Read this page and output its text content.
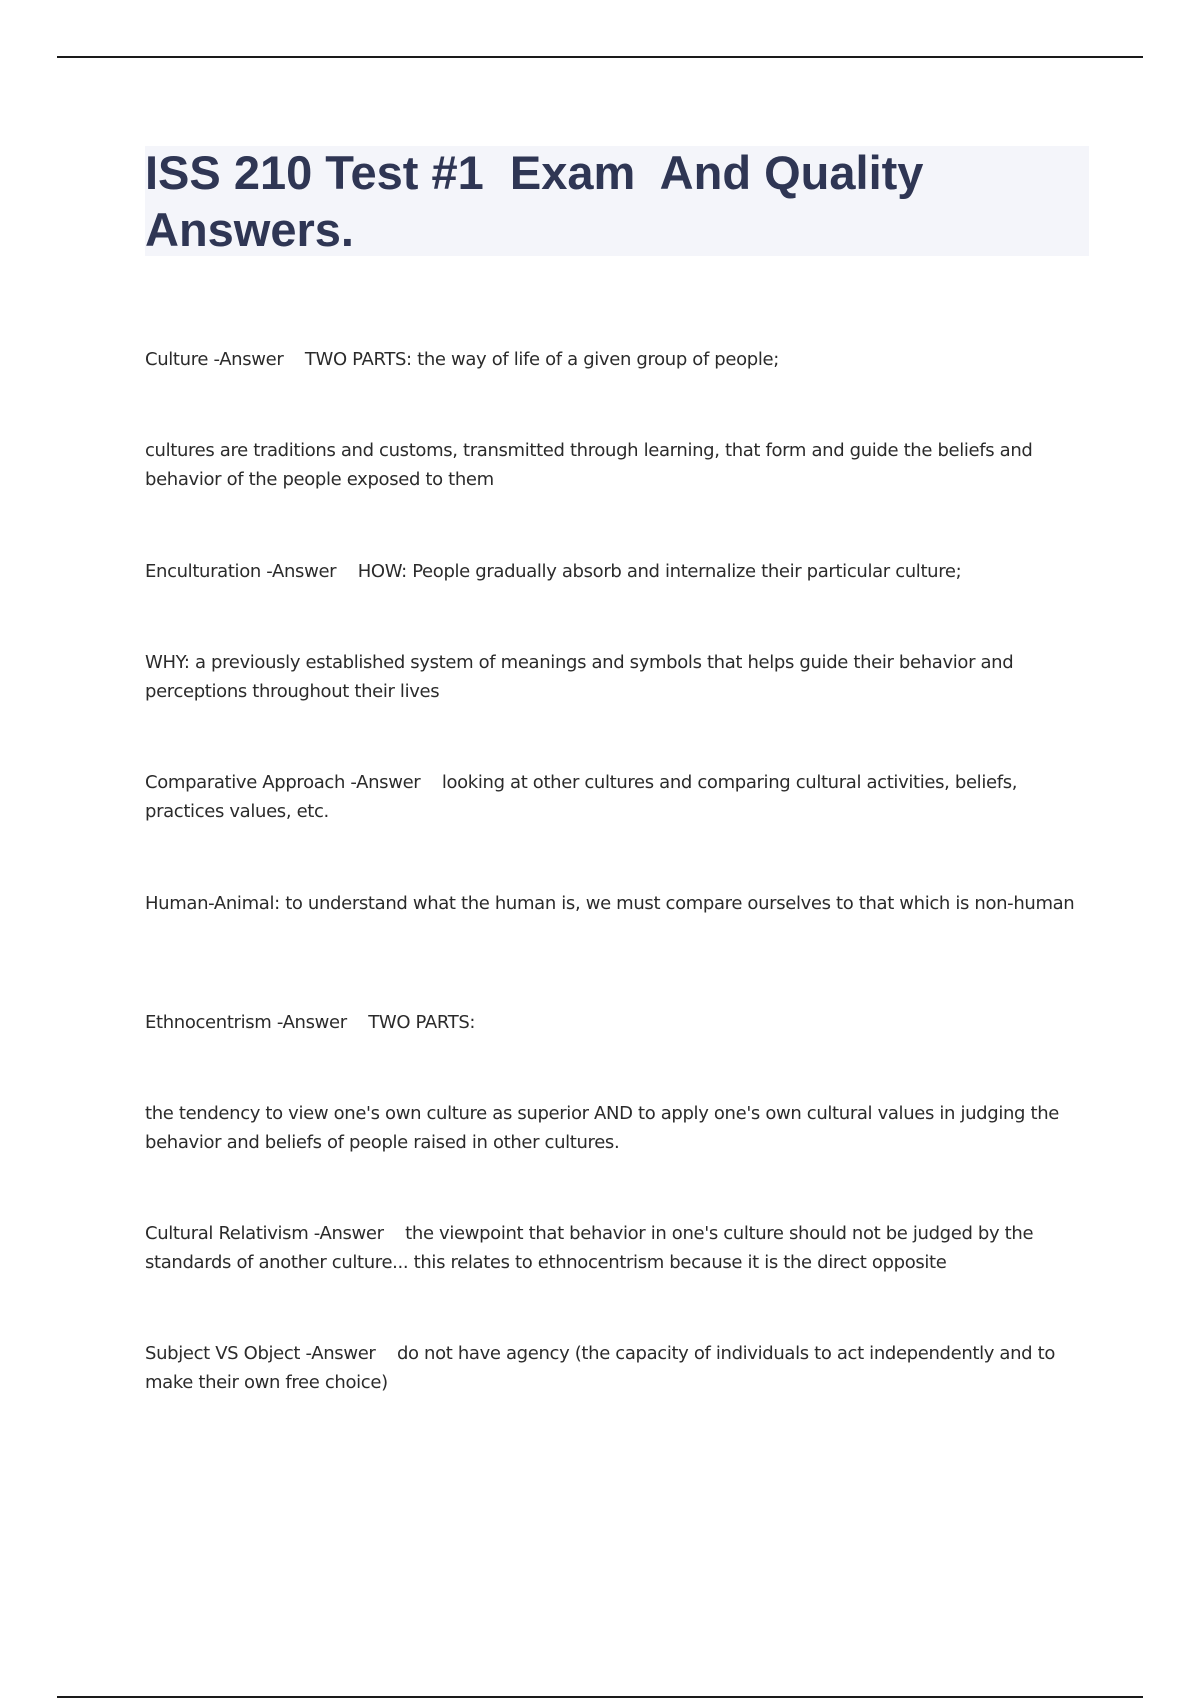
ISS 210 Test #1  Exam  And Quality Answers.

Culture -Answer    TWO PARTS: the way of life of a given group of people;

cultures are traditions and customs, transmitted through learning, that form and guide the beliefs and behavior of the people exposed to them

Enculturation -Answer    HOW: People gradually absorb and internalize their particular culture;

WHY: a previously established system of meanings and symbols that helps guide their behavior and perceptions throughout their lives

Comparative Approach -Answer    looking at other cultures and comparing cultural activities, beliefs, practices values, etc.

Human-Animal: to understand what the human is, we must compare ourselves to that which is non-human

Ethnocentrism -Answer    TWO PARTS:

the tendency to view one's own culture as superior AND to apply one's own cultural values in judging the behavior and beliefs of people raised in other cultures.

Cultural Relativism -Answer    the viewpoint that behavior in one's culture should not be judged by the standards of another culture... this relates to ethnocentrism because it is the direct opposite

Subject VS Object -Answer    do not have agency (the capacity of individuals to act independently and to make their own free choice)
